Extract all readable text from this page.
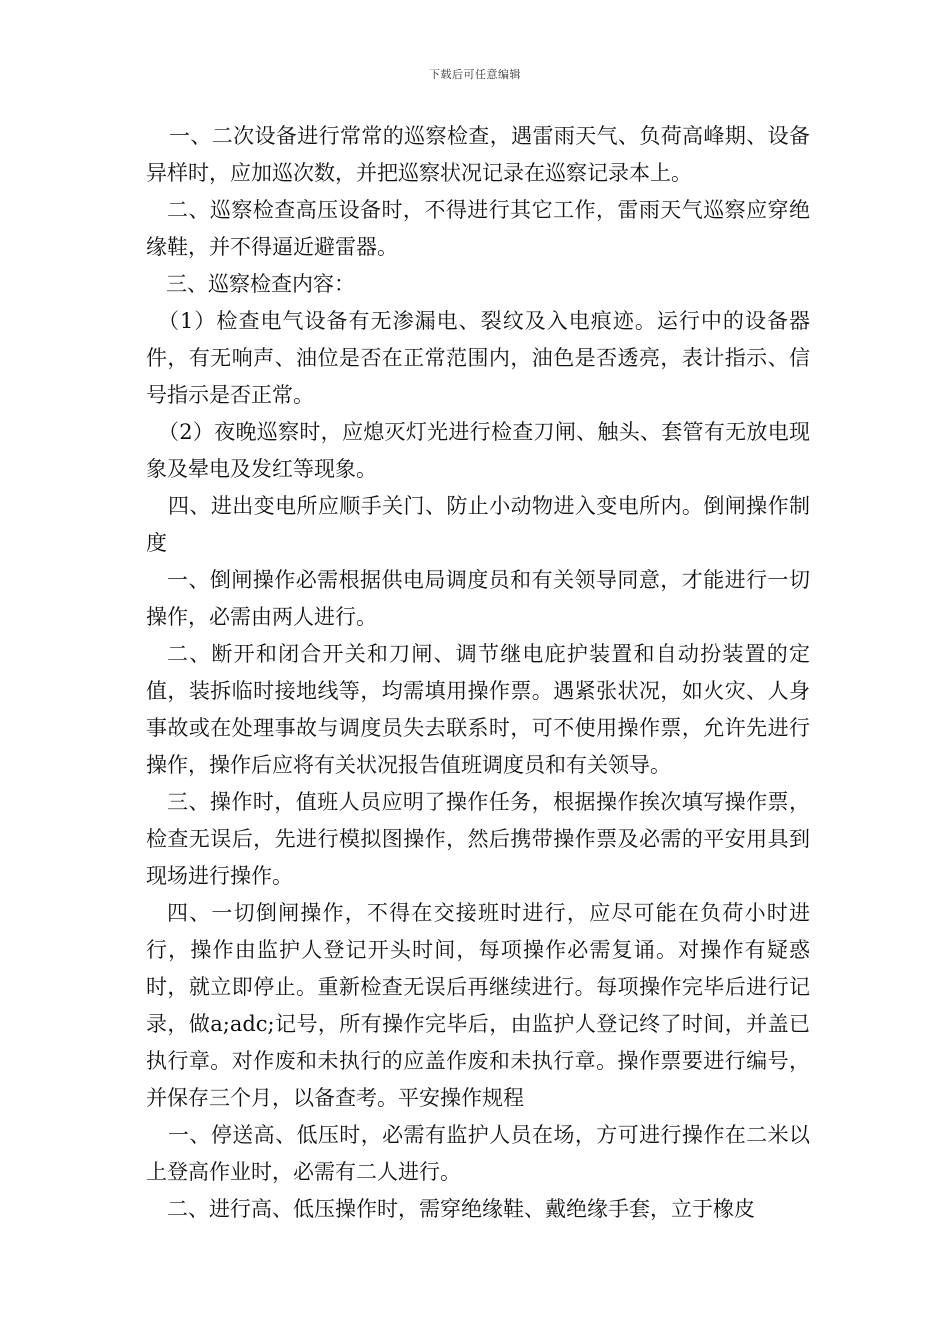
下载后可任意编辑

一、二次设备进行常常的巡察检查，遇雷雨天气、负荷高峰期、设备异样时，应加巡次数，并把巡察状况记录在巡察记录本上。

二、巡察检查高压设备时，不得进行其它工作，雷雨天气巡察应穿绝缘鞋，并不得逼近避雷器。

三、巡察检查内容：

（1）检查电气设备有无渗漏电、裂纹及入电痕迹。运行中的设备器件，有无响声、油位是否在正常范围内，油色是否透亮，表计指示、信号指示是否正常。

（2）夜晚巡察时，应熄灭灯光进行检查刀闸、触头、套管有无放电现象及晕电及发红等现象。

四、进出变电所应顺手关门、防止小动物进入变电所内。倒闸操作制度

一、倒闸操作必需根据供电局调度员和有关领导同意，才能进行一切操作，必需由两人进行。

二、断开和闭合开关和刀闸、调节继电庇护装置和自动扮装置的定值，装拆临时接地线等，均需填用操作票。遇紧张状况，如火灾、人身事故或在处理事故与调度员失去联系时，可不使用操作票，允许先进行操作，操作后应将有关状况报告值班调度员和有关领导。

三、操作时，值班人员应明了操作任务，根据操作挨次填写操作票，检查无误后，先进行模拟图操作，然后携带操作票及必需的平安用具到现场进行操作。

四、一切倒闸操作，不得在交接班时进行，应尽可能在负荷小时进行，操作由监护人登记开头时间，每项操作必需复诵。对操作有疑惑时，就立即停止。重新检查无误后再继续进行。每项操作完毕后进行记录，做a;adc;记号，所有操作完毕后，由监护人登记终了时间，并盖已执行章。对作废和未执行的应盖作废和未执行章。操作票要进行编号，并保存三个月，以备查考。平安操作规程

一、停送高、低压时，必需有监护人员在场，方可进行操作在二米以上登高作业时，必需有二人进行。

二、进行高、低压操作时，需穿绝缘鞋、戴绝缘手套，立于橡皮
